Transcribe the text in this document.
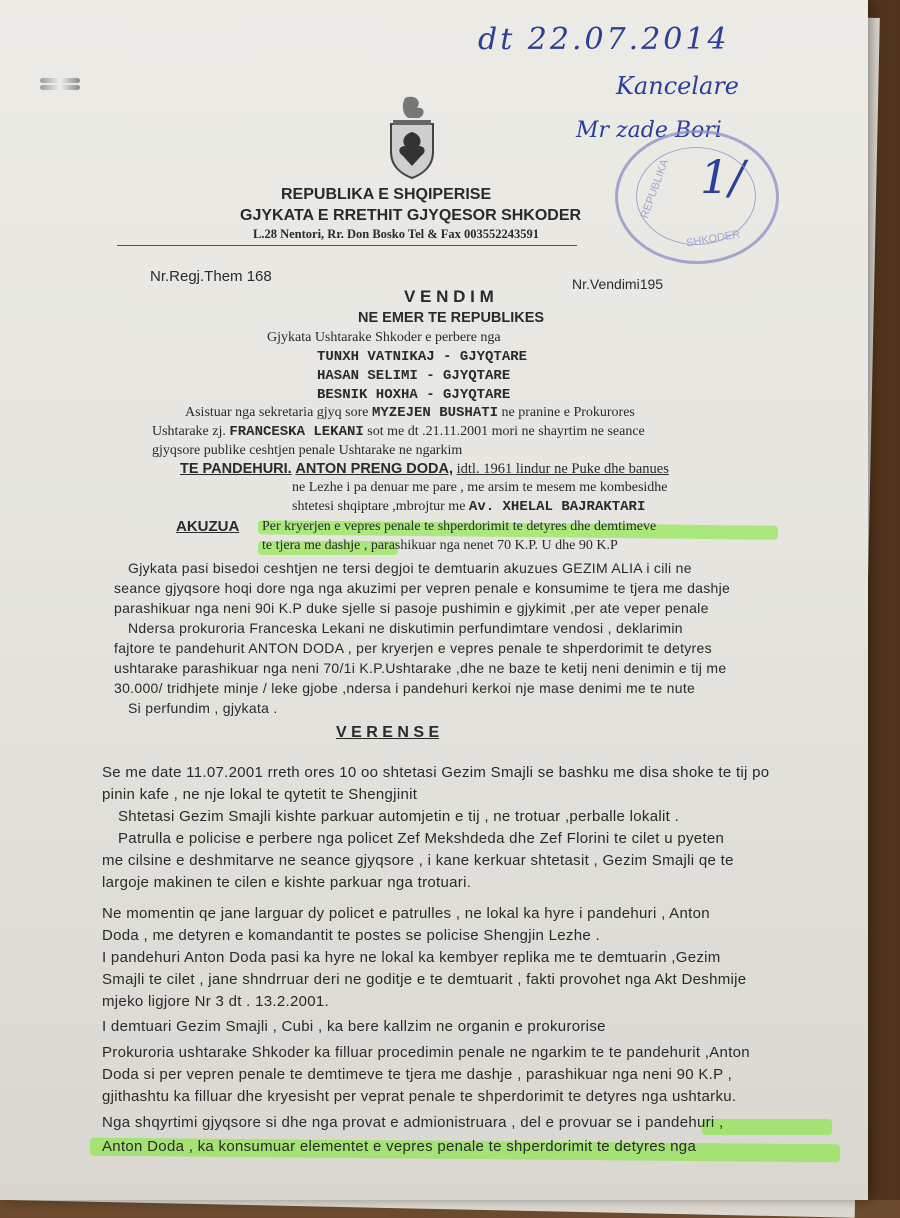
dt 22.07.2014
Kancelare
Mr zade Bori
1/
REPUBLIKA
SHKODER
REPUBLIKA E SHQIPERISE
GJYKATA E RRETHIT GJYQESOR SHKODER
L.28 Nentori, Rr. Don Bosko Tel & Fax 003552243591
Nr.Regj.Them 168	Nr.Vendimi195
V E N D I M
NE EMER TE REPUBLIKES
Gjykata Ushtarake Shkoder e perbere nga
TUNXH VATNIKAJ - GJYQTARE
HASAN SELIMI - GJYQTARE
BESNIK HOXHA - GJYQTARE
Asistuar nga sekretaria gjyq sore MYZEJEN BUSHATI ne pranine e Prokurores
Ushtarake zj. FRANCESKA LEKANI sot me dt .21.11.2001 mori ne shayrtim ne seance
gjyqsore publike ceshtjen penale Ushtarake ne ngarkim
TE PANDEHURI. ANTON PRENG DODA, idtl. 1961 lindur ne Puke dhe banues
ne Lezhe i pa denuar me pare , me arsim te mesem me kombesidhe
shtetesi shqiptare ,mbrojtur me Av. XHELAL BAJRAKTARI
AKUZUA Per kryerjen e vepres penale te shperdorimit te detyres dhe demtimeve
te tjera me dashje , parashikuar nga nenet 70 K.P. U dhe 90 K.P
Gjykata pasi bisedoi ceshtjen ne tersi degjoi te demtuarin akuzues GEZIM ALIA i cili ne
seance gjyqsore hoqi dore nga nga akuzimi per vepren penale e konsumime te tjera me dashje
parashikuar nga neni 90i K.P duke sjelle si pasoje pushimin e gjykimit ,per ate veper penale
Ndersa prokuroria Franceska Lekani ne diskutimin perfundimtare vendosi , deklarimin
fajtore te pandehurit ANTON DODA , per kryerjen e vepres penale te shperdorimit te detyres
ushtarake parashikuar nga neni 70/1i K.P.Ushtarake ,dhe ne baze te ketij neni denimin e tij me
30.000/ tridhjete minje / leke gjobe ,ndersa i pandehuri kerkoi nje mase denimi me te nute
Si perfundim , gjykata .
V E R E N S E
Se me date 11.07.2001 rreth ores 10 oo shtetasi Gezim Smajli se bashku me disa shoke te tij po
pinin kafe , ne nje lokal te qytetit te Shengjinit
Shtetasi Gezim Smajli kishte parkuar automjetin e tij , ne trotuar ,perballe lokalit .
Patrulla e policise e perbere nga policet Zef Mekshdeda dhe Zef Florini te cilet u pyeten
me cilsine e deshmitarve ne seance gjyqsore , i kane kerkuar shtetasit , Gezim Smajli qe te
largoje makinen te cilen e kishte parkuar nga trotuari.
Ne momentin qe jane larguar dy policet e patrulles , ne lokal ka hyre i pandehuri , Anton
Doda , me detyren e komandantit te postes se policise Shengjin Lezhe .
I pandehuri Anton Doda pasi ka hyre ne lokal ka kembyer replika me te demtuarin ,Gezim
Smajli te cilet , jane shndrruar deri ne goditje e te demtuarit , fakti provohet nga Akt Deshmije
mjeko ligjore Nr 3 dt . 13.2.2001.
I demtuari Gezim Smajli , Cubi , ka bere kallzim ne organin e prokurorise
Prokuroria ushtarake Shkoder ka filluar procedimin penale ne ngarkim te te pandehurit ,Anton
Doda si per vepren penale te demtimeve te tjera me dashje , parashikuar nga neni 90 K.P ,
gjithashtu ka filluar dhe kryesisht per veprat penale te shperdorimit te detyres nga ushtarku.
Nga shqyrtimi gjyqsore si dhe nga provat e admionistruara , del e provuar se i pandehuri ,
Anton Doda , ka konsumuar elementet e vepres penale te shperdorimit te detyres nga
